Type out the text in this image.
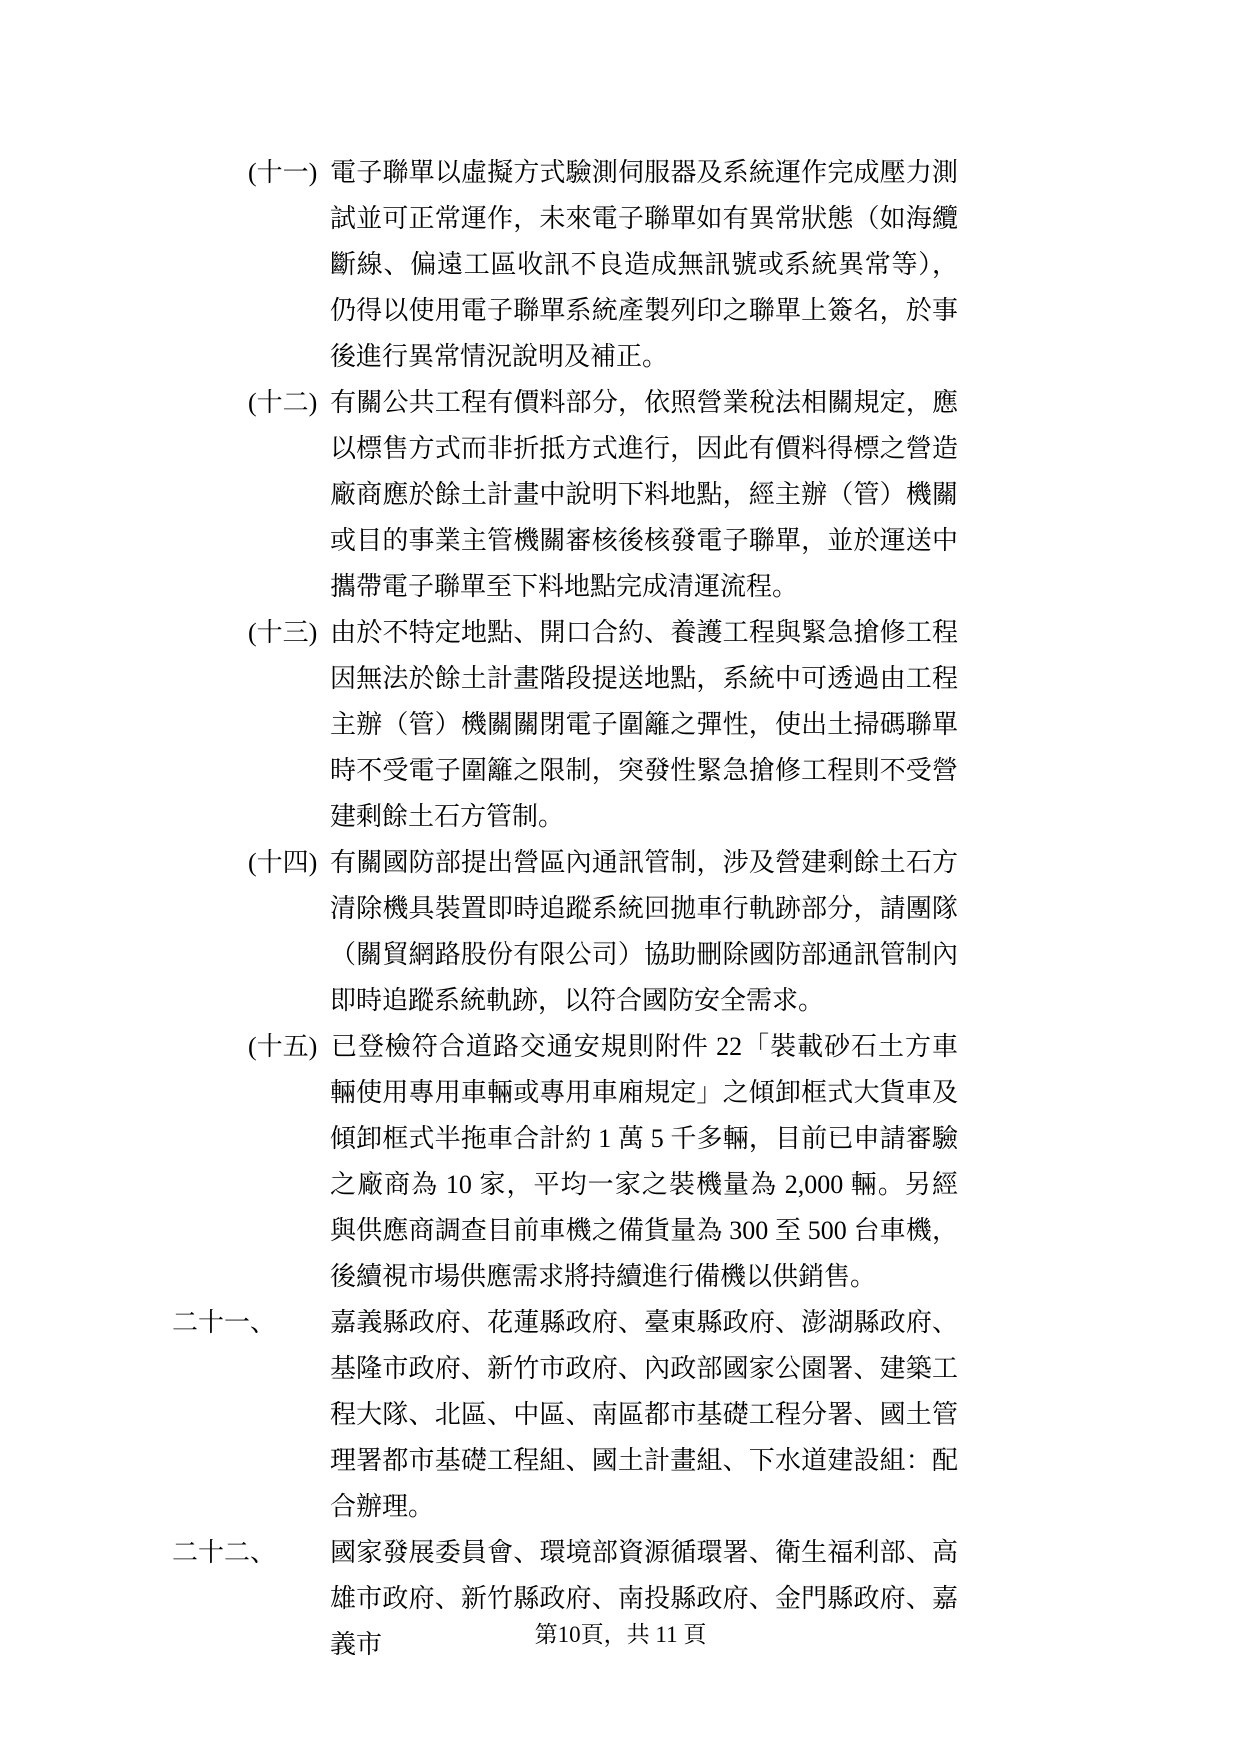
(十一) 電子聯單以虛擬方式驗測伺服器及系統運作完成壓力測試並可正常運作，未來電子聯單如有異常狀態（如海纜斷線、偏遠工區收訊不良造成無訊號或系統異常等），仍得以使用電子聯單系統產製列印之聯單上簽名，於事後進行異常情況說明及補正。

(十二) 有關公共工程有價料部分，依照營業稅法相關規定，應以標售方式而非折抵方式進行，因此有價料得標之營造廠商應於餘土計畫中說明下料地點，經主辦（管）機關或目的事業主管機關審核後核發電子聯單，並於運送中攜帶電子聯單至下料地點完成清運流程。

(十三) 由於不特定地點、開口合約、養護工程與緊急搶修工程因無法於餘土計畫階段提送地點，系統中可透過由工程主辦（管）機關關閉電子圍籬之彈性，使出土掃碼聯單時不受電子圍籬之限制，突發性緊急搶修工程則不受營建剩餘土石方管制。

(十四) 有關國防部提出營區內通訊管制，涉及營建剩餘土石方清除機具裝置即時追蹤系統回拋車行軌跡部分，請團隊（關貿網路股份有限公司）協助刪除國防部通訊管制內即時追蹤系統軌跡，以符合國防安全需求。

(十五) 已登檢符合道路交通安規則附件 22「裝載砂石土方車輛使用專用車輛或專用車廂規定」之傾卸框式大貨車及傾卸框式半拖車合計約 1 萬 5 千多輛，目前已申請審驗之廠商為 10 家，平均一家之裝機量為 2,000 輛。另經與供應商調查目前車機之備貨量為 300 至 500 台車機，後續視市場供應需求將持續進行備機以供銷售。

二十一、 嘉義縣政府、花蓮縣政府、臺東縣政府、澎湖縣政府、基隆市政府、新竹市政府、內政部國家公園署、建築工程大隊、北區、中區、南區都市基礎工程分署、國土管理署都市基礎工程組、國土計畫組、下水道建設組：配合辦理。

二十二、 國家發展委員會、環境部資源循環署、衛生福利部、高雄市政府、新竹縣政府、南投縣政府、金門縣政府、嘉義市	第10頁，共 11 頁
